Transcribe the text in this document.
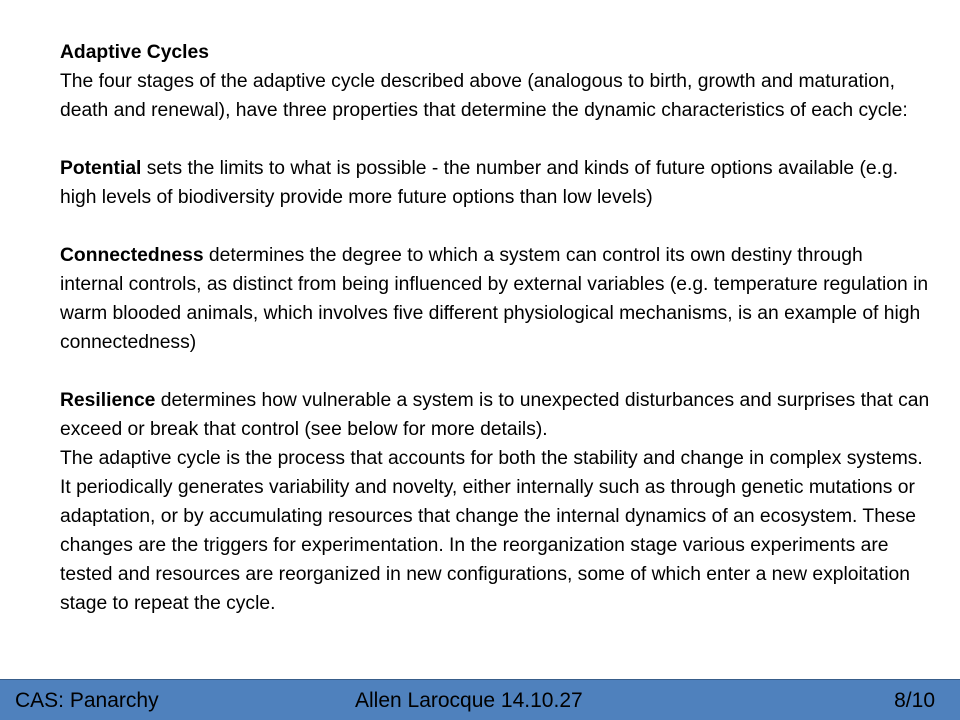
Adaptive Cycles

The four stages of the adaptive cycle described above (analogous to birth, growth and maturation, death and renewal), have three properties that determine the dynamic characteristics of each cycle:

Potential sets the limits to what is possible - the number and kinds of future options available (e.g. high levels of biodiversity provide more future options than low levels)

Connectedness determines the degree to which a system can control its own destiny through internal controls, as distinct from being influenced by external variables (e.g. temperature regulation in warm blooded animals, which involves five different physiological mechanisms, is an example of high connectedness)

Resilience determines how vulnerable a system is to unexpected disturbances and surprises that can exceed or break that control (see below for more details).

The adaptive cycle is the process that accounts for both the stability and change in complex systems. It periodically generates variability and novelty, either internally such as through genetic mutations or adaptation, or by accumulating resources that change the internal dynamics of an ecosystem. These changes are the triggers for experimentation. In the reorganization stage various experiments are tested and resources are reorganized in new configurations, some of which enter a new exploitation stage to repeat the cycle.

CAS: Panarchy	Allen Larocque 14.10.27	8/10
